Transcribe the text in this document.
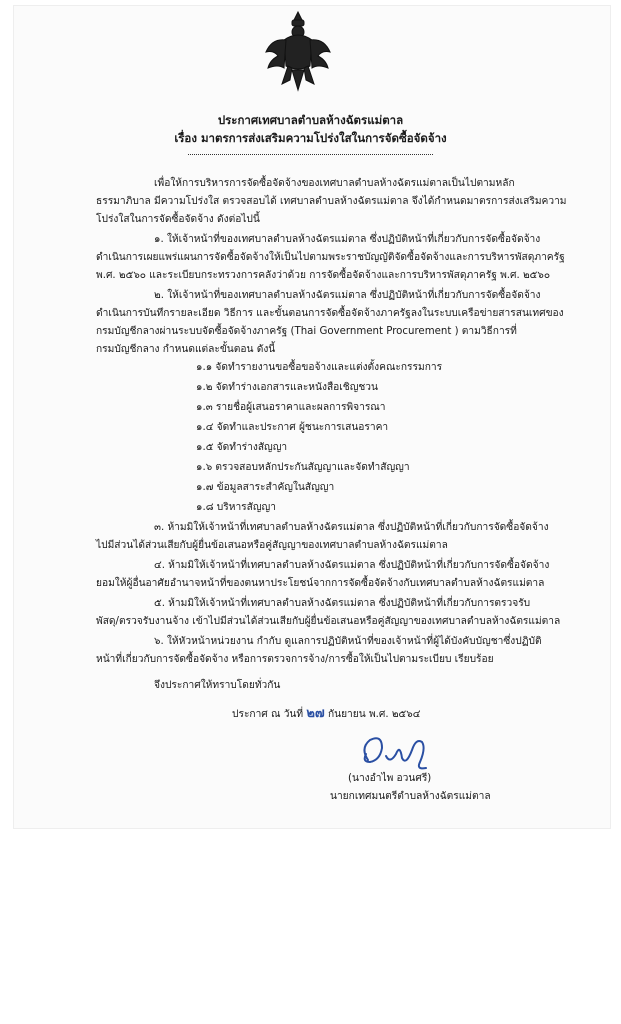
ประกาศเทศบาลตำบลห้างฉัตรแม่ตาล
เรื่อง มาตรการส่งเสริมความโปร่งใสในการจัดซื้อจัดจ้าง
เพื่อให้การบริหารการจัดซื้อจัดจ้างของเทศบาลตำบลห้างฉัตรแม่ตาลเป็นไปตามหลัก
ธรรมาภิบาล มีความโปร่งใส ตรวจสอบได้ เทศบาลตำบลห้างฉัตรแม่ตาล จึงได้กำหนดมาตรการส่งเสริมความ
โปร่งใสในการจัดซื้อจัดจ้าง ดังต่อไปนี้
๑. ให้เจ้าหน้าที่ของเทศบาลตำบลห้างฉัตรแม่ตาล ซึ่งปฏิบัติหน้าที่เกี่ยวกับการจัดซื้อจัดจ้าง
ดำเนินการเผยแพร่แผนการจัดซื้อจัดจ้างให้เป็นไปตามพระราชบัญญัติจัดซื้อจัดจ้างและการบริหารพัสดุภาครัฐ
พ.ศ. ๒๕๖๐ และระเบียบกระทรวงการคลังว่าด้วย การจัดซื้อจัดจ้างและการบริหารพัสดุภาครัฐ พ.ศ. ๒๕๖๐
๒. ให้เจ้าหน้าที่ของเทศบาลตำบลห้างฉัตรแม่ตาล ซึ่งปฏิบัติหน้าที่เกี่ยวกับการจัดซื้อจัดจ้าง
ดำเนินการบันทึกรายละเอียด วิธีการ และขั้นตอนการจัดซื้อจัดจ้างภาครัฐลงในระบบเครือข่ายสารสนเทศของ
กรมบัญชีกลางผ่านระบบจัดซื้อจัดจ้างภาครัฐ (Thai Government Procurement ) ตามวิธีการที่
กรมบัญชีกลาง กำหนดแต่ละขั้นตอน ดังนี้
๑.๑ จัดทำรายงานขอซื้อขอจ้างและแต่งตั้งคณะกรรมการ
๑.๒ จัดทำร่างเอกสารและหนังสือเชิญชวน
๑.๓ รายชื่อผู้เสนอราคาและผลการพิจารณา
๑.๔ จัดทำและประกาศ ผู้ชนะการเสนอราคา
๑.๕ จัดทำร่างสัญญา
๑.๖ ตรวจสอบหลักประกันสัญญาและจัดทำสัญญา
๑.๗ ข้อมูลสาระสำคัญในสัญญา
๑.๘ บริหารสัญญา
๓. ห้ามมิให้เจ้าหน้าที่เทศบาลตำบลห้างฉัตรแม่ตาล ซึ่งปฏิบัติหน้าที่เกี่ยวกับการจัดซื้อจัดจ้าง
ไปมีส่วนได้ส่วนเสียกับผู้ยื่นข้อเสนอหรือคู่สัญญาของเทศบาลตำบลห้างฉัตรแม่ตาล
๔. ห้ามมิให้เจ้าหน้าที่เทศบาลตำบลห้างฉัตรแม่ตาล ซึ่งปฏิบัติหน้าที่เกี่ยวกับการจัดซื้อจัดจ้าง
ยอมให้ผู้อื่นอาศัยอำนาจหน้าที่ของตนหาประโยชน์จากการจัดซื้อจัดจ้างกับเทศบาลตำบลห้างฉัตรแม่ตาล
๕. ห้ามมิให้เจ้าหน้าที่เทศบาลตำบลห้างฉัตรแม่ตาล ซึ่งปฏิบัติหน้าที่เกี่ยวกับการตรวจรับ
พัสดุ/ตรวจรับงานจ้าง เข้าไปมีส่วนได้ส่วนเสียกับผู้ยื่นข้อเสนอหรือคู่สัญญาของเทศบาลตำบลห้างฉัตรแม่ตาล
๖. ให้หัวหน้าหน่วยงาน กำกับ ดูแลการปฏิบัติหน้าที่ของเจ้าหน้าที่ผู้ได้บังคับบัญชาซึ่งปฏิบัติ
หน้าที่เกี่ยวกับการจัดซื้อจัดจ้าง หรือการตรวจการจ้าง/การซื้อให้เป็นไปตามระเบียบ เรียบร้อย
จึงประกาศให้ทราบโดยทั่วกัน
ประกาศ ณ วันที่ ๒๗ กันยายน พ.ศ. ๒๕๖๔
(นางอำไพ อวนศรี)
นายกเทศมนตรีตำบลห้างฉัตรแม่ตาล
